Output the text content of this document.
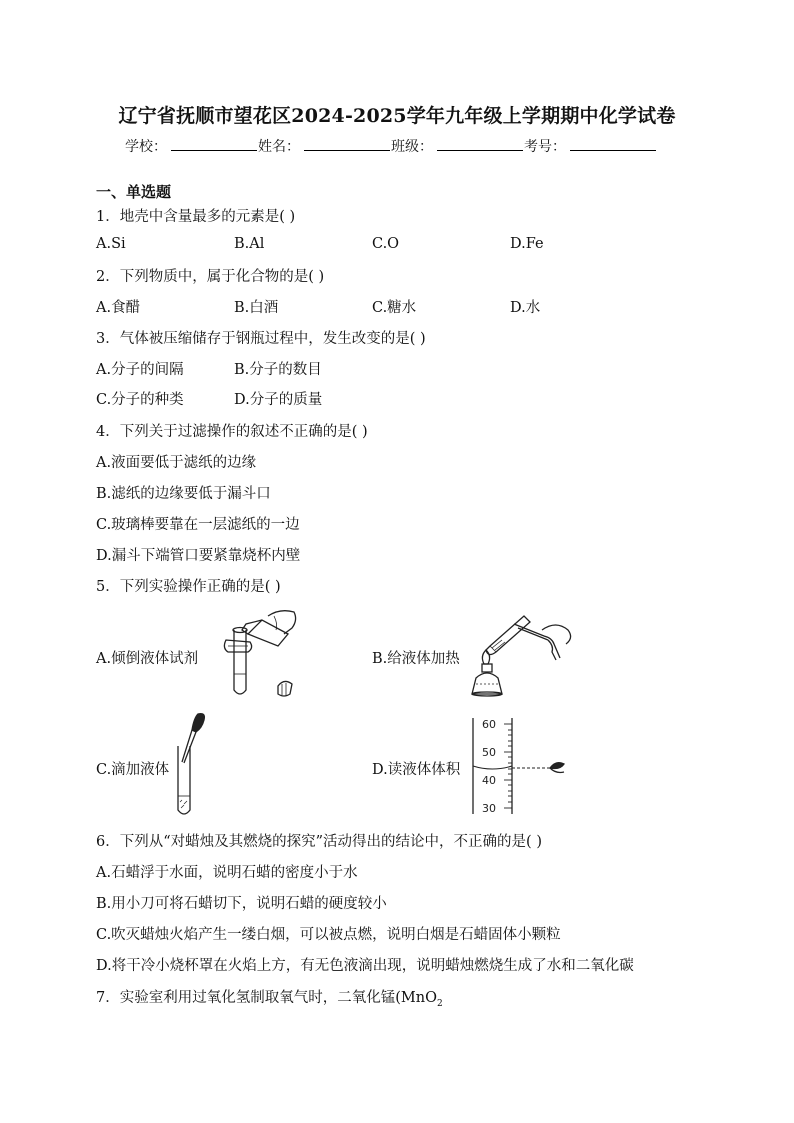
辽宁省抚顺市望花区2024-2025学年九年级上学期期中化学试卷
学校：	姓名：	班级：	考号：
一、单选题
1．地壳中含量最多的元素是( )
A.Si	B.Al	C.O	D.Fe
2．下列物质中，属于化合物的是( )
A.食醋	B.白酒	C.糖水	D.水
3．气体被压缩储存于钢瓶过程中，发生改变的是( )
A.分子的间隔	B.分子的数目
C.分子的种类	D.分子的质量
4．下列关于过滤操作的叙述不正确的是( )
A.液面要低于滤纸的边缘
B.滤纸的边缘要低于漏斗口
C.玻璃棒要靠在一层滤纸的一边
D.漏斗下端管口要紧靠烧杯内壁
5．下列实验操作正确的是( )
A.倾倒液体试剂	B.给液体加热
C.滴加液体	D.读液体体积
60
50
40
30
6．下列从“对蜡烛及其燃烧的探究”活动得出的结论中，不正确的是( )
A.石蜡浮于水面，说明石蜡的密度小于水
B.用小刀可将石蜡切下，说明石蜡的硬度较小
C.吹灭蜡烛火焰产生一缕白烟，可以被点燃，说明白烟是石蜡固体小颗粒
D.将干冷小烧杯罩在火焰上方，有无色液滴出现，说明蜡烛燃烧生成了水和二氧化碳
7．实验室利用过氧化氢制取氧气时，二氧化锰(MnO$_2$
